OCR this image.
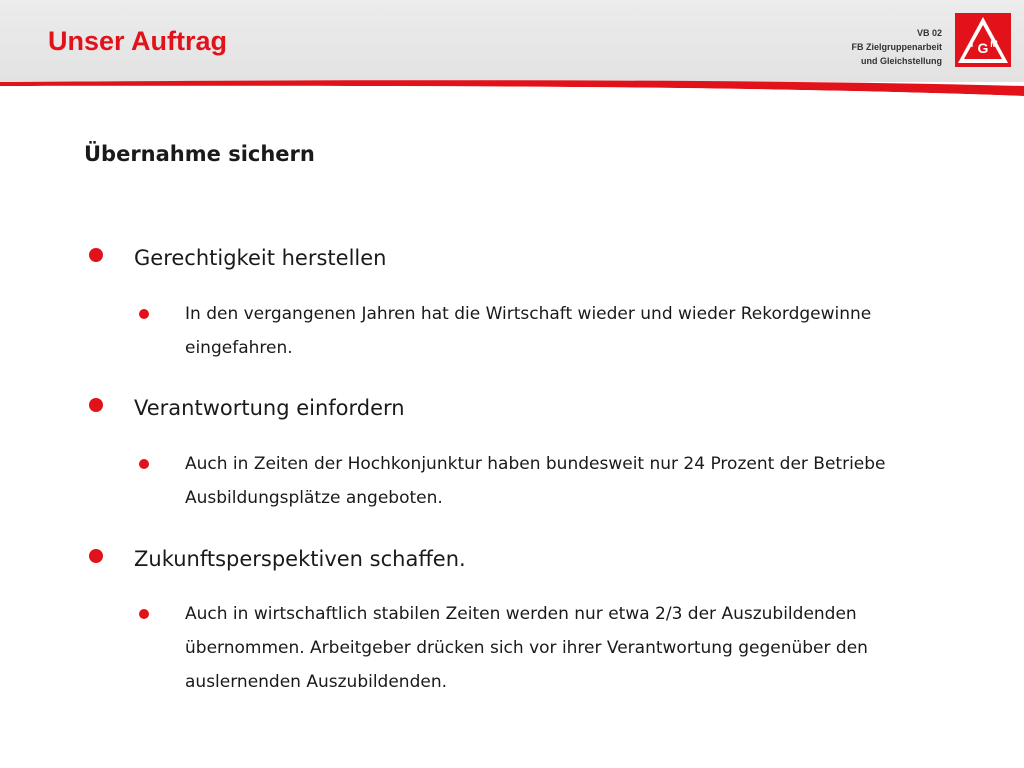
Unser Auftrag	VB 02
FB Zielgruppenarbeit
und Gleichstellung
G
I M
Übernahme sichern
Gerechtigkeit herstellen
In den vergangenen Jahren hat die Wirtschaft wieder und wieder Rekordgewinne eingefahren.
Verantwortung einfordern
Auch in Zeiten der Hochkonjunktur haben bundesweit nur 24 Prozent der Betriebe Ausbildungsplätze angeboten.
Zukunftsperspektiven schaffen.
Auch in wirtschaftlich stabilen Zeiten werden nur etwa 2/3 der Auszubildenden übernommen. Arbeitgeber drücken sich vor ihrer Verantwortung gegenüber den auslernenden Auszubildenden.
